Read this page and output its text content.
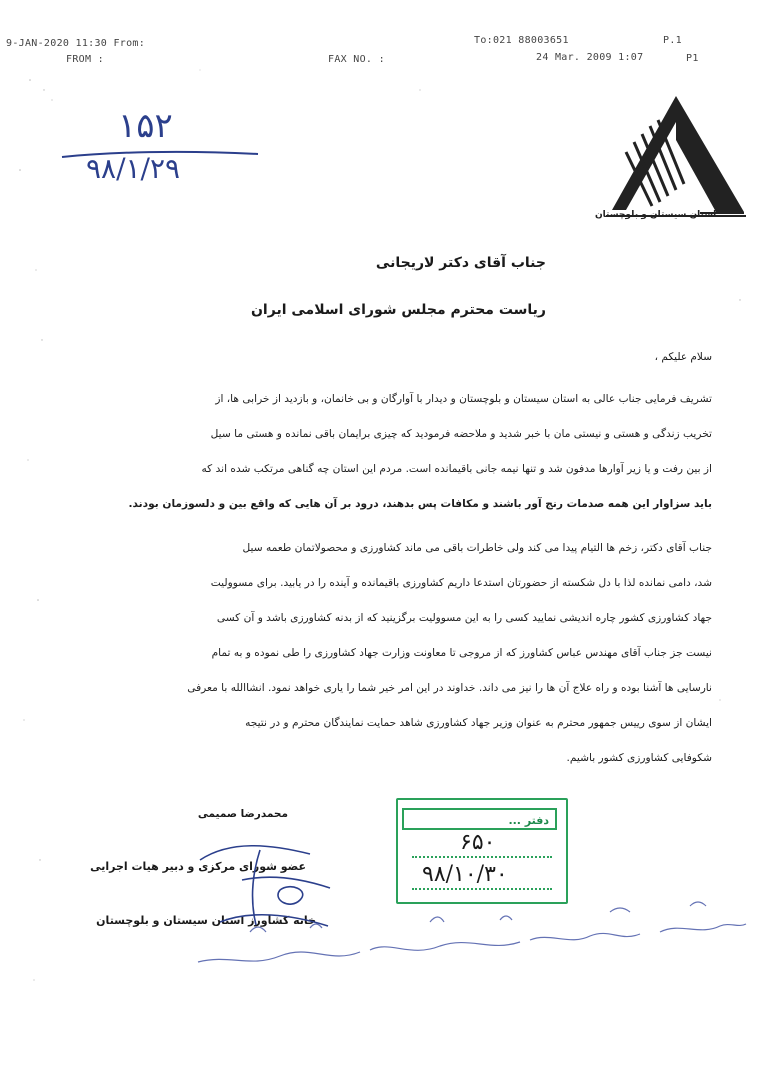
9-JAN-2020 11:30 From:	To:021 88003651	P.1
FROM :	FAX NO. :	24 Mar. 2009 1:07	P1
۱۵۲
۹۸/۱/۲۹
استان سیستان و بلوچستان
جناب آقای دکتر لاریجانی
ریاست محترم مجلس شورای اسلامی ایران
سلام علیکم ،
تشریف فرمایی جناب عالی به استان سیستان و بلوچستان و دیدار با آوارگان و بی خانمان، و بازدید از خرابی ها، از
تخریب زندگی و هستی و نیستی مان با خبر شدید و ملاحضه فرمودید که چیزی برایمان باقی نمانده و هستی ما سیل
از بین رفت و یا زیر آوارها مدفون شد و تنها نیمه جانی باقیمانده است. مردم این استان چه گناهی مرتکب شده اند که
باید سزاوار این همه صدمات رنج آور باشند و مکافات پس بدهند، درود بر آن هایی که واقع بین و دلسوزمان بودند.
جناب آقای دکتر، زخم ها التیام پیدا می کند ولی خاطرات باقی می ماند کشاورزی و محصولاتمان طعمه سیل
شد، دامی نمانده لذا با دل شکسته از حضورتان استدعا داریم کشاورزی باقیمانده و آینده را در یابید. برای مسوولیت
جهاد کشاورزی کشور چاره اندیشی نمایید کسی را به این مسوولیت برگزینید که از بدنه کشاورزی باشد و آن کسی
نیست جز جناب آقای مهندس عباس کشاورز که از مروجی تا معاونت وزارت جهاد کشاورزی را طی نموده و به تمام
نارسایی ها آشنا بوده و راه علاج آن ها را نیز می داند. خداوند در این امر خیر شما را یاری خواهد نمود. انشاالله با معرفی
ایشان از سوی رییس جمهور محترم به عنوان وزیر جهاد کشاورزی شاهد حمایت نمایندگان محترم و در نتیجه
شکوفایی کشاورزی کشور باشیم.
محمدرضا صمیمی
عضو شورای مرکزی و دبیر هیات اجرایی
خانه کشاورز استان سیستان و بلوچستان
دفتر ...
۶۵۰
۹۸/۱۰/۳۰
